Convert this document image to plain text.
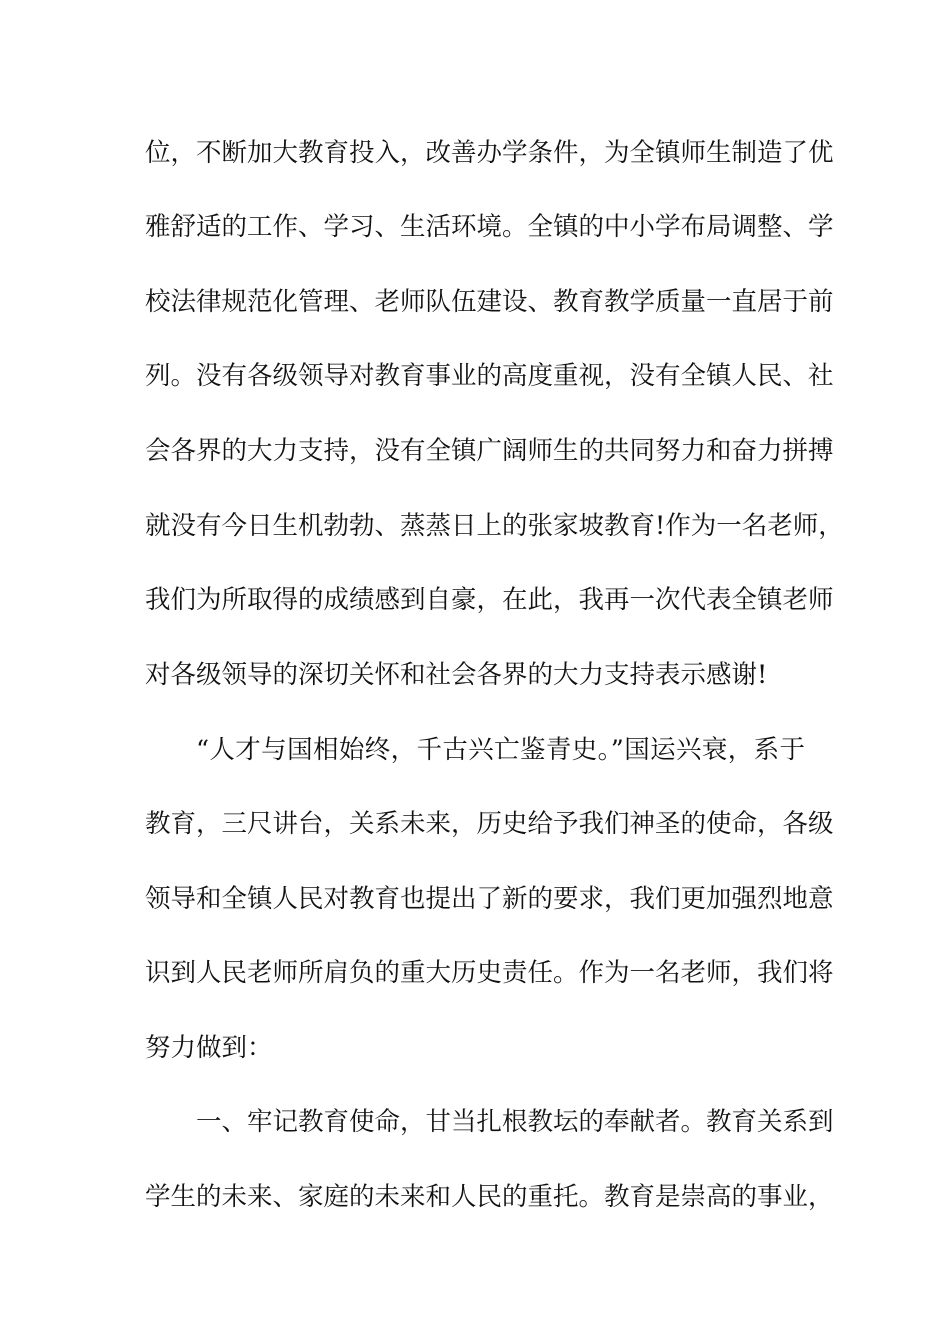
位，不断加大教育投入，改善办学条件，为全镇师生制造了优
雅舒适的工作、学习、生活环境。全镇的中小学布局调整、学
校法律规范化管理、老师队伍建设、教育教学质量一直居于前
列。没有各级领导对教育事业的高度重视，没有全镇人民、社
会各界的大力支持，没有全镇广阔师生的共同努力和奋力拼搏
就没有今日生机勃勃、蒸蒸日上的张家坡教育!作为一名老师，
我们为所取得的成绩感到自豪，在此，我再一次代表全镇老师
对各级领导的深切关怀和社会各界的大力支持表示感谢!
“人才与国相始终，千古兴亡鉴青史。”国运兴衰，系于
教育，三尺讲台，关系未来，历史给予我们神圣的使命，各级
领导和全镇人民对教育也提出了新的要求，我们更加强烈地意
识到人民老师所肩负的重大历史责任。作为一名老师，我们将
努力做到：
一、牢记教育使命，甘当扎根教坛的奉献者。教育关系到
学生的未来、家庭的未来和人民的重托。教育是崇高的事业，
